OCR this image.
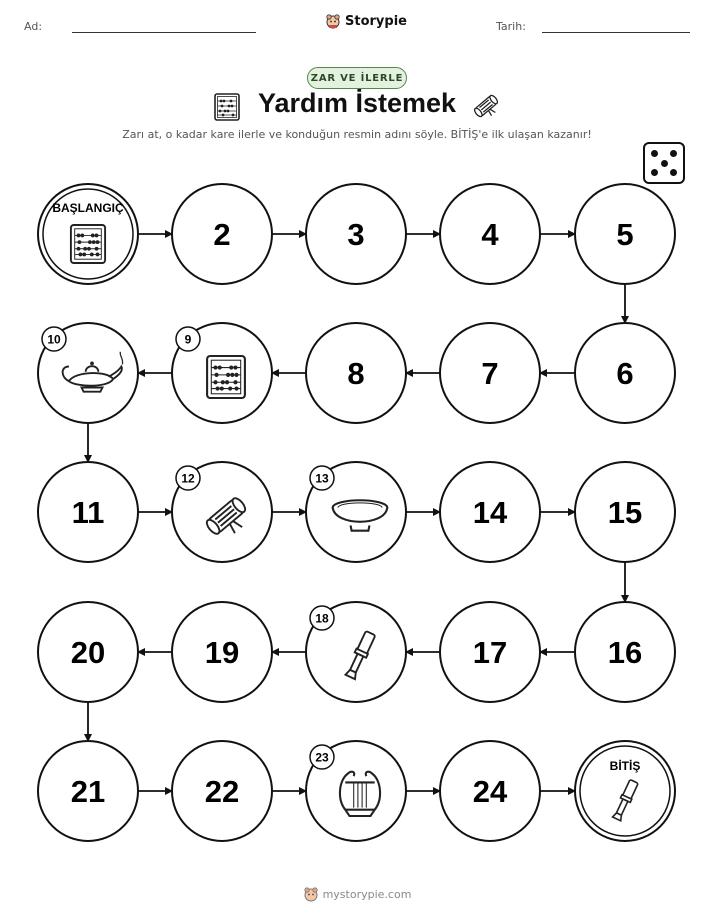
Ad:	Storypie	Tarih:
ZAR VE İLERLE
Yardım İstemek
Zarı at, o kadar kare ilerle ve konduğun resmin adını söyle. BİTİŞ'e ilk ulaşan kazanır!
BAŞLANGIÇ
2	3	4	5
6
7
8
9
10
11
12	13
14	15
16
17
18
19
20
21	22
23
24
BİTİŞ
mystorypie.com
